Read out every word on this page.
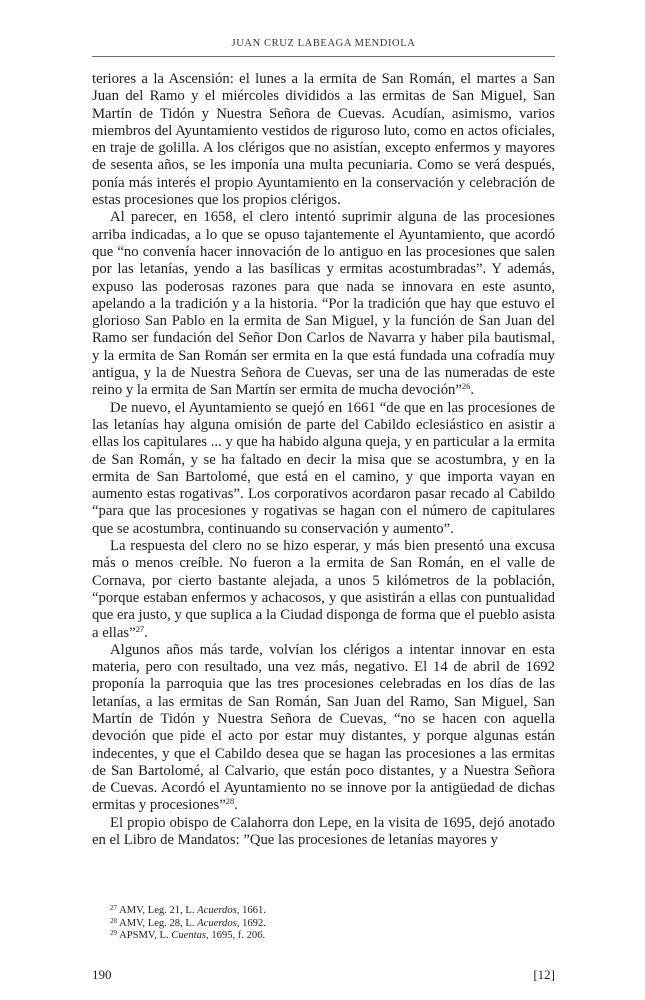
JUAN CRUZ LABEAGA MENDIOLA

teriores a la Ascensión: el lunes a la ermita de San Román, el martes a San Juan del Ramo y el miércoles divididos a las ermitas de San Miguel, San Martín de Tidón y Nuestra Señora de Cuevas. Acudían, asimismo, varios miembros del Ayuntamiento vestidos de riguroso luto, como en actos oficiales, en traje de golilla. A los clérigos que no asistían, excepto enfermos y mayores de sesenta años, se les imponía una multa pecuniaria. Como se verá después, ponía más interés el propio Ayuntamiento en la conservación y celebración de estas procesiones que los propios clérigos.

Al parecer, en 1658, el clero intentó suprimir alguna de las procesiones arriba indicadas, a lo que se opuso tajantemente el Ayuntamiento, que acordó que “no convenía hacer innovación de lo antiguo en las procesiones que salen por las letanías, yendo a las basílicas y ermitas acostumbradas”. Y además, expuso las poderosas razones para que nada se innovara en este asunto, apelando a la tradición y a la historia. “Por la tradición que hay que estuvo el glorioso San Pablo en la ermita de San Miguel, y la función de San Juan del Ramo ser fundación del Señor Don Carlos de Navarra y haber pila bautismal, y la ermita de San Román ser ermita en la que está fundada una cofradía muy antigua, y la de Nuestra Señora de Cuevas, ser una de las numeradas de este reino y la ermita de San Martín ser ermita de mucha devoción”$^{26}$.

De nuevo, el Ayuntamiento se quejó en 1661 “de que en las procesiones de las letanías hay alguna omisión de parte del Cabildo eclesiástico en asistir a ellas los capitulares ... y que ha habido alguna queja, y en particular a la ermita de San Román, y se ha faltado en decir la misa que se acostumbra, y en la ermita de San Bartolomé, que está en el camino, y que importa vayan en aumento estas rogativas”. Los corporativos acordaron pasar recado al Cabildo “para que las procesiones y rogativas se hagan con el número de capitulares que se acostumbra, continuando su conservación y aumento”.

La respuesta del clero no se hizo esperar, y más bien presentó una excusa más o menos creíble. No fueron a la ermita de San Román, en el valle de Cornava, por cierto bastante alejada, a unos 5 kilómetros de la población, “porque estaban enfermos y achacosos, y que asistirán a ellas con puntualidad que era justo, y que suplica a la Ciudad disponga de forma que el pueblo asista a ellas”$^{27}$.

Algunos años más tarde, volvían los clérigos a intentar innovar en esta materia, pero con resultado, una vez más, negativo. El 14 de abril de 1692 proponía la parroquia que las tres procesiones celebradas en los días de las letanías, a las ermitas de San Román, San Juan del Ramo, San Miguel, San Martín de Tidón y Nuestra Señora de Cuevas, “no se hacen con aquella devoción que pide el acto por estar muy distantes, y porque algunas están indecentes, y que el Cabildo desea que se hagan las procesiones a las ermitas de San Bartolomé, al Calvario, que están poco distantes, y a Nuestra Señora de Cuevas. Acordó el Ayuntamiento no se innove por la antigüedad de dichas ermitas y procesiones”$^{28}$.

El propio obispo de Calahorra don Lepe, en la visita de 1695, dejó anotado en el Libro de Mandatos: ”Que las procesiones de letanías mayores y

$^{27}$ AMV, Leg. 21, L. Acuerdos, 1661.
$^{28}$ AMV, Leg. 28, L. Acuerdos, 1692.
$^{29}$ APSMV, L. Cuentas, 1695, f. 206.
190	[12]
